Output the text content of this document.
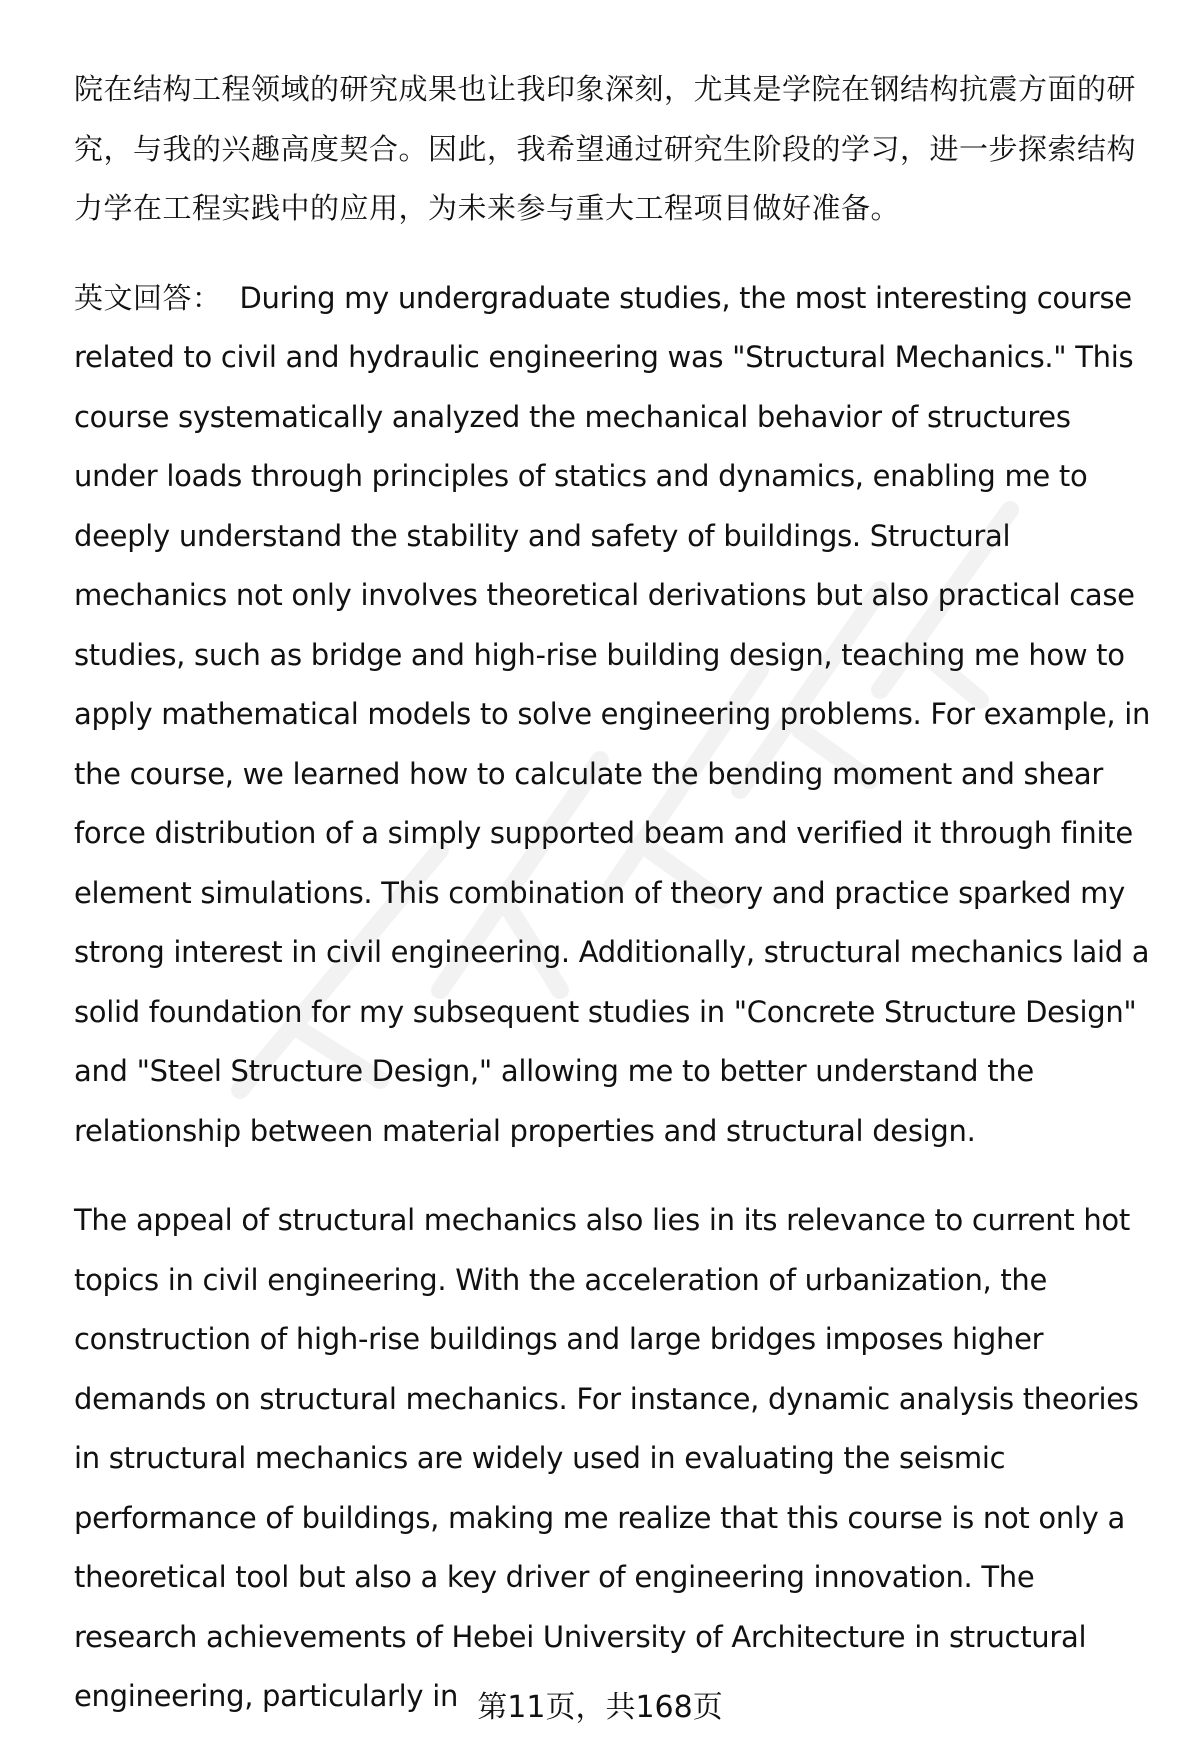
院在结构工程领域的研究成果也让我印象深刻，尤其是学院在钢结构抗震方面的研究，与我的兴趣高度契合。因此，我希望通过研究生阶段的学习，进一步探索结构力学在工程实践中的应用，为未来参与重大工程项目做好准备。

英文回答： During my undergraduate studies, the most interesting course related to civil and hydraulic engineering was "Structural Mechanics." This course systematically analyzed the mechanical behavior of structures under loads through principles of statics and dynamics, enabling me to deeply understand the stability and safety of buildings. Structural mechanics not only involves theoretical derivations but also practical case studies, such as bridge and high-rise building design, teaching me how to apply mathematical models to solve engineering problems. For example, in the course, we learned how to calculate the bending moment and shear force distribution of a simply supported beam and verified it through finite element simulations. This combination of theory and practice sparked my strong interest in civil engineering. Additionally, structural mechanics laid a solid foundation for my subsequent studies in "Concrete Structure Design" and "Steel Structure Design," allowing me to better understand the relationship between material properties and structural design.

The appeal of structural mechanics also lies in its relevance to current hot topics in civil engineering. With the acceleration of urbanization, the construction of high-rise buildings and large bridges imposes higher demands on structural mechanics. For instance, dynamic analysis theories in structural mechanics are widely used in evaluating the seismic performance of buildings, making me realize that this course is not only a theoretical tool but also a key driver of engineering innovation. The research achievements of Hebei University of Architecture in structural engineering, particularly in 第11页，共168页
